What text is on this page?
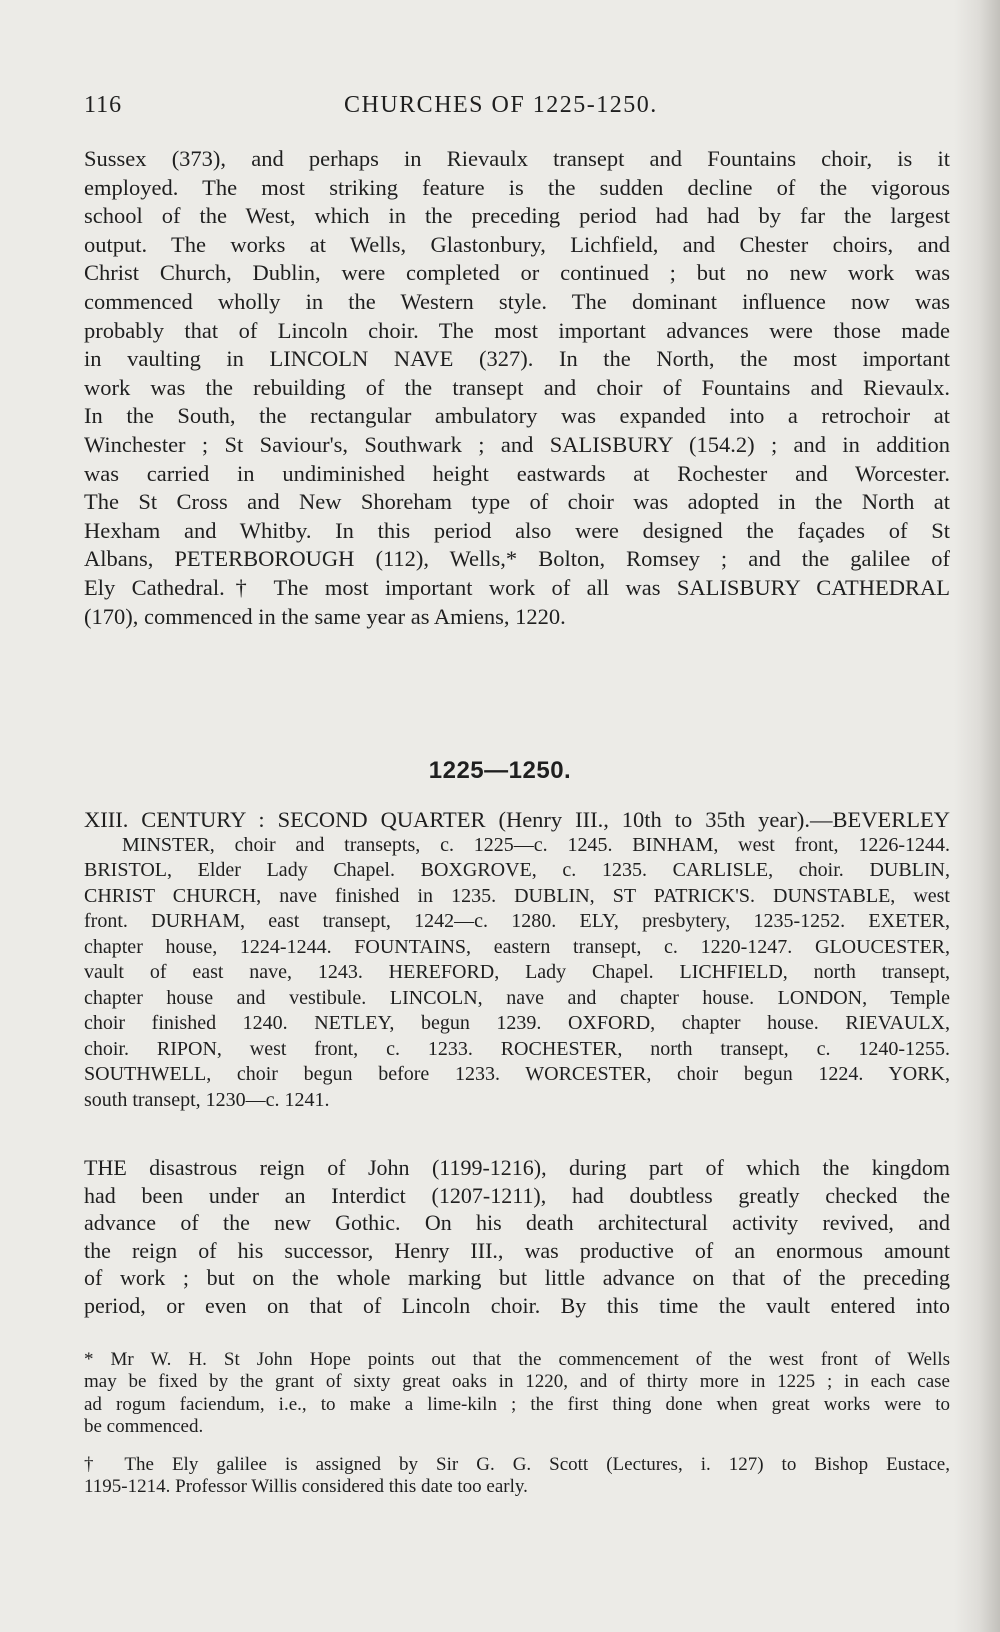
116	CHURCHES OF 1225-1250.
Sussex (373), and perhaps in Rievaulx transept and Fountains choir, is it
employed. The most striking feature is the sudden decline of the vigorous
school of the West, which in the preceding period had had by far the largest
output. The works at Wells, Glastonbury, Lichfield, and Chester choirs, and
Christ Church, Dublin, were completed or continued ; but no new work was
commenced wholly in the Western style. The dominant influence now was
probably that of Lincoln choir. The most important advances were those made
in vaulting in LINCOLN NAVE (327). In the North, the most important
work was the rebuilding of the transept and choir of Fountains and Rievaulx.
In the South, the rectangular ambulatory was expanded into a retrochoir at
Winchester ; St Saviour's, Southwark ; and SALISBURY (154.2) ; and in addition
was carried in undiminished height eastwards at Rochester and Worcester.
The St Cross and New Shoreham type of choir was adopted in the North at
Hexham and Whitby. In this period also were designed the façades of St
Albans, PETERBOROUGH (112), Wells,* Bolton, Romsey ; and the galilee of
Ely Cathedral.† The most important work of all was SALISBURY CATHEDRAL
(170), commenced in the same year as Amiens, 1220.
1225—1250.
XIII. CENTURY : SECOND QUARTER (Henry III., 10th to 35th year).—BEVERLEY
MINSTER, choir and transepts, c. 1225—c. 1245. BINHAM, west front, 1226-1244.
BRISTOL, Elder Lady Chapel. BOXGROVE, c. 1235. CARLISLE, choir. DUBLIN,
CHRIST CHURCH, nave finished in 1235. DUBLIN, ST PATRICK'S. DUNSTABLE, west
front. DURHAM, east transept, 1242—c. 1280. ELY, presbytery, 1235-1252. EXETER,
chapter house, 1224-1244. FOUNTAINS, eastern transept, c. 1220-1247. GLOUCESTER,
vault of east nave, 1243. HEREFORD, Lady Chapel. LICHFIELD, north transept,
chapter house and vestibule. LINCOLN, nave and chapter house. LONDON, Temple
choir finished 1240. NETLEY, begun 1239. OXFORD, chapter house. RIEVAULX,
choir. RIPON, west front, c. 1233. ROCHESTER, north transept, c. 1240-1255.
SOUTHWELL, choir begun before 1233. WORCESTER, choir begun 1224. YORK,
south transept, 1230—c. 1241.
THE disastrous reign of John (1199-1216), during part of which the kingdom
had been under an Interdict (1207-1211), had doubtless greatly checked the
advance of the new Gothic. On his death architectural activity revived, and
the reign of his successor, Henry III., was productive of an enormous amount
of work ; but on the whole marking but little advance on that of the preceding
period, or even on that of Lincoln choir. By this time the vault entered into
* Mr W. H. St John Hope points out that the commencement of the west front of Wells
may be fixed by the grant of sixty great oaks in 1220, and of thirty more in 1225 ; in each case
ad rogum faciendum, i.e., to make a lime-kiln ; the first thing done when great works were to
be commenced.
† The Ely galilee is assigned by Sir G. G. Scott (Lectures, i. 127) to Bishop Eustace,
1195-1214. Professor Willis considered this date too early.
